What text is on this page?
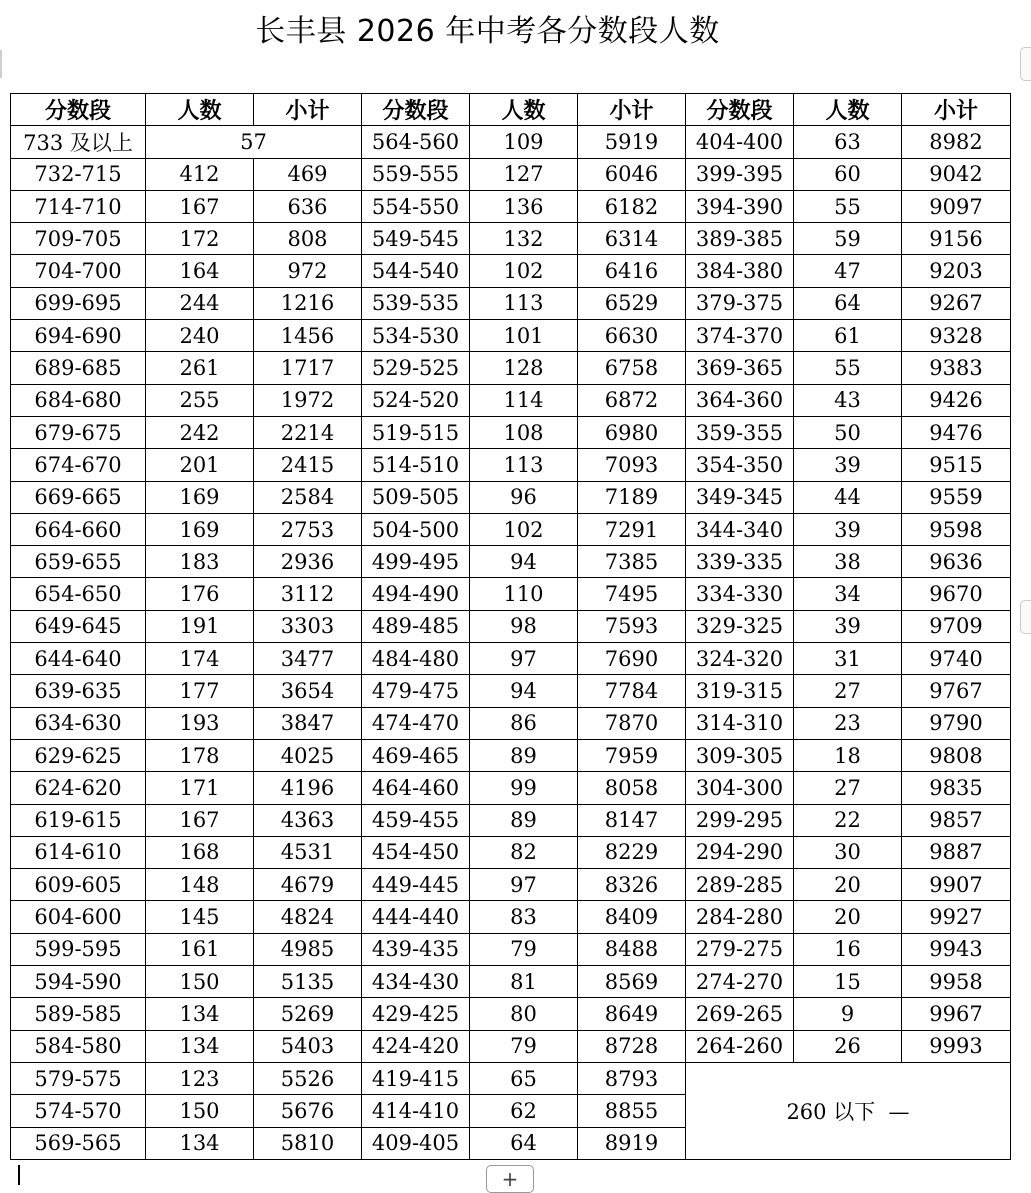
长丰县 2026 年中考各分数段人数
分数段	人数	小计	分数段	人数	小计	分数段	人数	小计
733 及以上	57		564-560	109	5919	404-400	63	8982
732-715	412	469	559-555	127	6046	399-395	60	9042
714-710	167	636	554-550	136	6182	394-390	55	9097
709-705	172	808	549-545	132	6314	389-385	59	9156
704-700	164	972	544-540	102	6416	384-380	47	9203
699-695	244	1216	539-535	113	6529	379-375	64	9267
694-690	240	1456	534-530	101	6630	374-370	61	9328
689-685	261	1717	529-525	128	6758	369-365	55	9383
684-680	255	1972	524-520	114	6872	364-360	43	9426
679-675	242	2214	519-515	108	6980	359-355	50	9476
674-670	201	2415	514-510	113	7093	354-350	39	9515
669-665	169	2584	509-505	96	7189	349-345	44	9559
664-660	169	2753	504-500	102	7291	344-340	39	9598
659-655	183	2936	499-495	94	7385	339-335	38	9636
654-650	176	3112	494-490	110	7495	334-330	34	9670
649-645	191	3303	489-485	98	7593	329-325	39	9709
644-640	174	3477	484-480	97	7690	324-320	31	9740
639-635	177	3654	479-475	94	7784	319-315	27	9767
634-630	193	3847	474-470	86	7870	314-310	23	9790
629-625	178	4025	469-465	89	7959	309-305	18	9808
624-620	171	4196	464-460	99	8058	304-300	27	9835
619-615	167	4363	459-455	89	8147	299-295	22	9857
614-610	168	4531	454-450	82	8229	294-290	30	9887
609-605	148	4679	449-445	97	8326	289-285	20	9907
604-600	145	4824	444-440	83	8409	284-280	20	9927
599-595	161	4985	439-435	79	8488	279-275	16	9943
594-590	150	5135	434-430	81	8569	274-270	15	9958
589-585	134	5269	429-425	80	8649	269-265	9	9967
584-580	134	5403	424-420	79	8728	264-260	26	9993
579-575	123	5526	419-415	65	8793	260 以下  —		
574-570	150	5676	414-410	62	8855			
569-565	134	5810	409-405	64	8919			
+
